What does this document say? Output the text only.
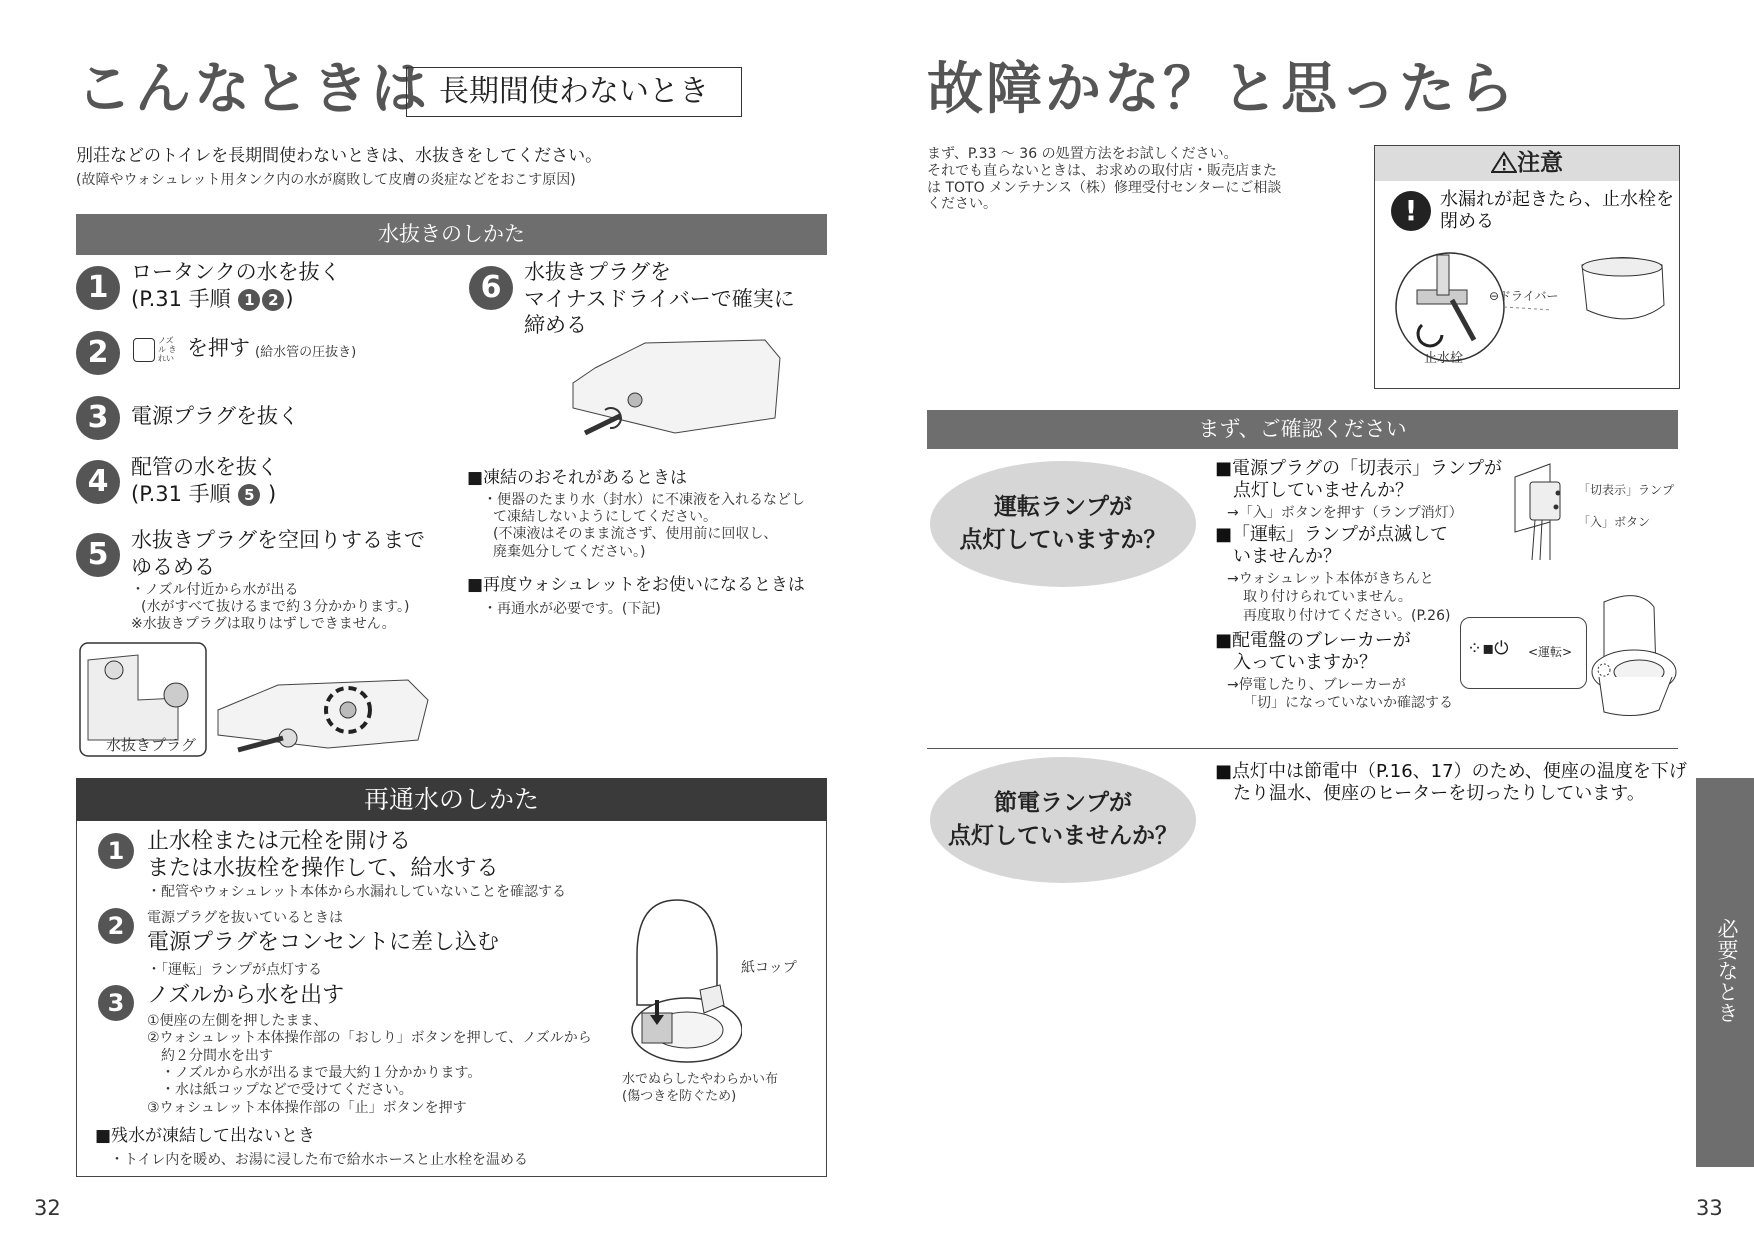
こんなときは 長期間使わないとき
別荘などのトイレを長期間使わないときは、水抜きをしてください。
(故障やウォシュレット用タンク内の水が腐敗して皮膚の炎症などをおこす原因)
水抜きのしかた
1	ロータンクの水を抜く
(P.31 手順 1 2 )
2	ノズル きれい を押す (給水管の圧抜き)
3	電源プラグを抜く
4	配管の水を抜く
(P.31 手順 5 )
5	水抜きプラグを空回りするまで
ゆるめる
・ノズル付近から水が出る
(水がすべて抜けるまで約３分かかります。)
※水抜きプラグは取りはずしできません。
水抜きプラグ
6	水抜きプラグを
マイナスドライバーで確実に
締める
■凍結のおそれがあるときは
・便器のたまり水（封水）に不凍液を入れるなどし
て凍結しないようにしてください。
(不凍液はそのまま流さず、使用前に回収し、
廃棄処分してください。)
■再度ウォシュレットをお使いになるときは
・再通水が必要です。(下記)
再通水のしかた
1	止水栓または元栓を開ける
または水抜栓を操作して、給水する
・配管やウォシュレット本体から水漏れしていないことを確認する
2	電源プラグを抜いているときは
電源プラグをコンセントに差し込む
・「運転」ランプが点灯する
3	ノズルから水を出す
①便座の左側を押したまま、
②ウォシュレット本体操作部の「おしり」ボタンを押して、ノズルから
約２分間水を出す
・ノズルから水が出るまで最大約１分かかります。
・水は紙コップなどで受けてください。
③ウォシュレット本体操作部の「止」ボタンを押す
紙コップ
水でぬらしたやわらかい布
(傷つきを防ぐため)
■残水が凍結して出ないとき
・トイレ内を暖め、お湯に浸した布で給水ホースと止水栓を温める
32
故障かな？と思ったら
まず、P.33 ～ 36 の処置方法をお試しください。
それでも直らないときは、お求めの取付店・販売店また
は TOTO メンテナンス（株）修理受付センターにご相談
ください。
注意
!	水漏れが起きたら、止水栓を
閉める
⊖ドライバー
止水栓
まず、ご確認ください
運転ランプが
点灯していますか？
■電源プラグの「切表示」ランプが
点灯していませんか？
→「入」ボタンを押す（ランプ消灯）
■「運転」ランプが点滅して
いませんか？
→ウォシュレット本体がきちんと
取り付けられていません。
再度取り付けてください。(P.26)
■配電盤のブレーカーが
入っていますか？
→停電したり、ブレーカーが
「切」になっていないか確認する
「切表示」ランプ
「入」ボタン
⁘▪⏻ <運転>
節電ランプが
点灯していませんか？
■点灯中は節電中（P.16、17）のため、便座の温度を下げ
たり温水、便座のヒーターを切ったりしています。
必要なとき
33
